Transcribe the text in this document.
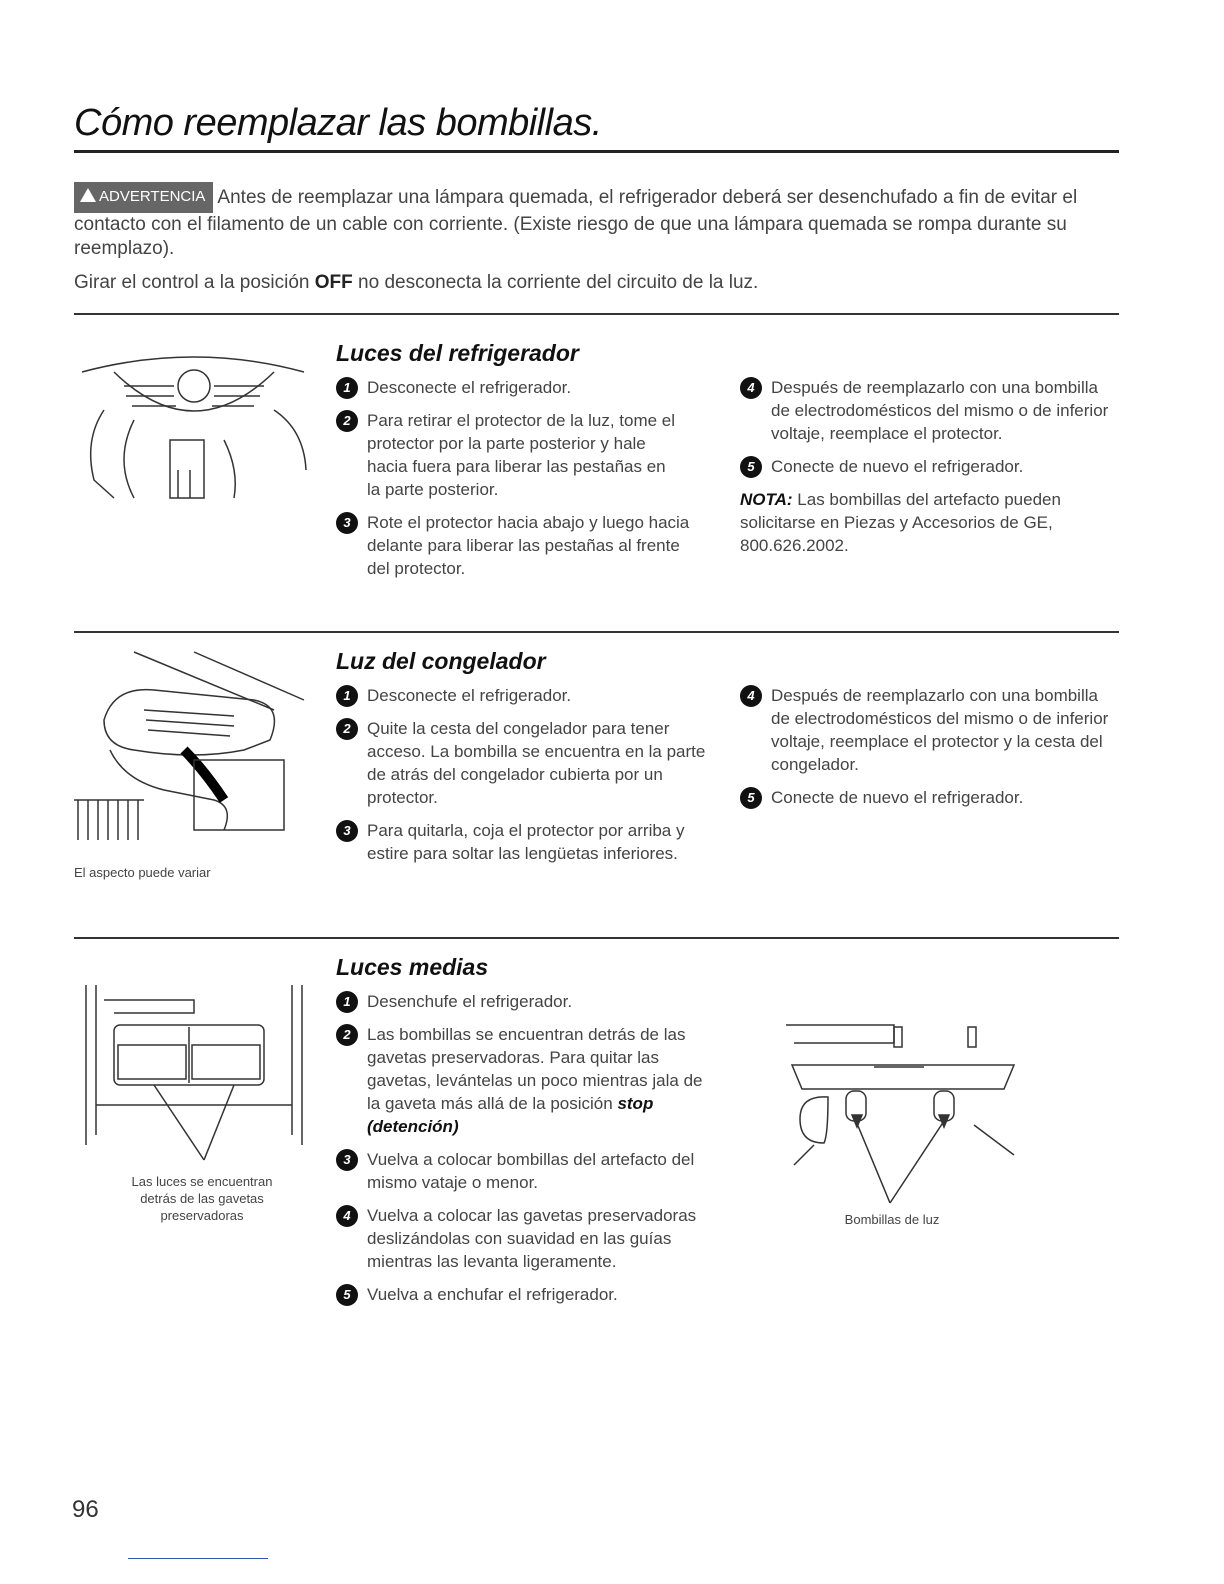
Cómo reemplazar las bombillas.
ADVERTENCIA Antes de reemplazar una lámpara quemada, el refrigerador deberá ser desenchufado a fin de evitar el contacto con el filamento de un cable con corriente. (Existe riesgo de que una lámpara quemada se rompa durante su reemplazo).
Girar el control a la posición OFF no desconecta la corriente del circuito de la luz.
Luces del refrigerador
1 Desconecte el refrigerador.
2 Para retirar el protector de la luz, tome el protector por la parte posterior y hale hacia fuera para liberar las pestañas en la parte posterior.
3 Rote el protector hacia abajo y luego hacia delante para liberar las pestañas al frente del protector.
4 Después de reemplazarlo con una bombilla de electrodomésticos del mismo o de inferior voltaje, reemplace el protector.
5 Conecte de nuevo el refrigerador.
NOTA: Las bombillas del artefacto pueden solicitarse en Piezas y Accesorios de GE, 800.626.2002.
El aspecto puede variar
Luz del congelador
1 Desconecte el refrigerador.
2 Quite la cesta del congelador para tener acceso. La bombilla se encuentra en la parte de atrás del congelador cubierta por un protector.
3 Para quitarla, coja el protector por arriba y estire para soltar las lengüetas inferiores.
4 Después de reemplazarlo con una bombilla de electrodomésticos del mismo o de inferior voltaje, reemplace el protector y la cesta del congelador.
5 Conecte de nuevo el refrigerador.
Las luces se encuentran detrás de las gavetas preservadoras
Luces medias
1 Desenchufe el refrigerador.
2 Las bombillas se encuentran detrás de las gavetas preservadoras. Para quitar las gavetas, levántelas un poco mientras jala de la gaveta más allá de la posición stop (detención)
3 Vuelva a colocar bombillas del artefacto del mismo vataje o menor.
4 Vuelva a colocar las gavetas preservadoras deslizándolas con suavidad en las guías mientras las levanta ligeramente.
5 Vuelva a enchufar el refrigerador.
Bombillas de luz
96
